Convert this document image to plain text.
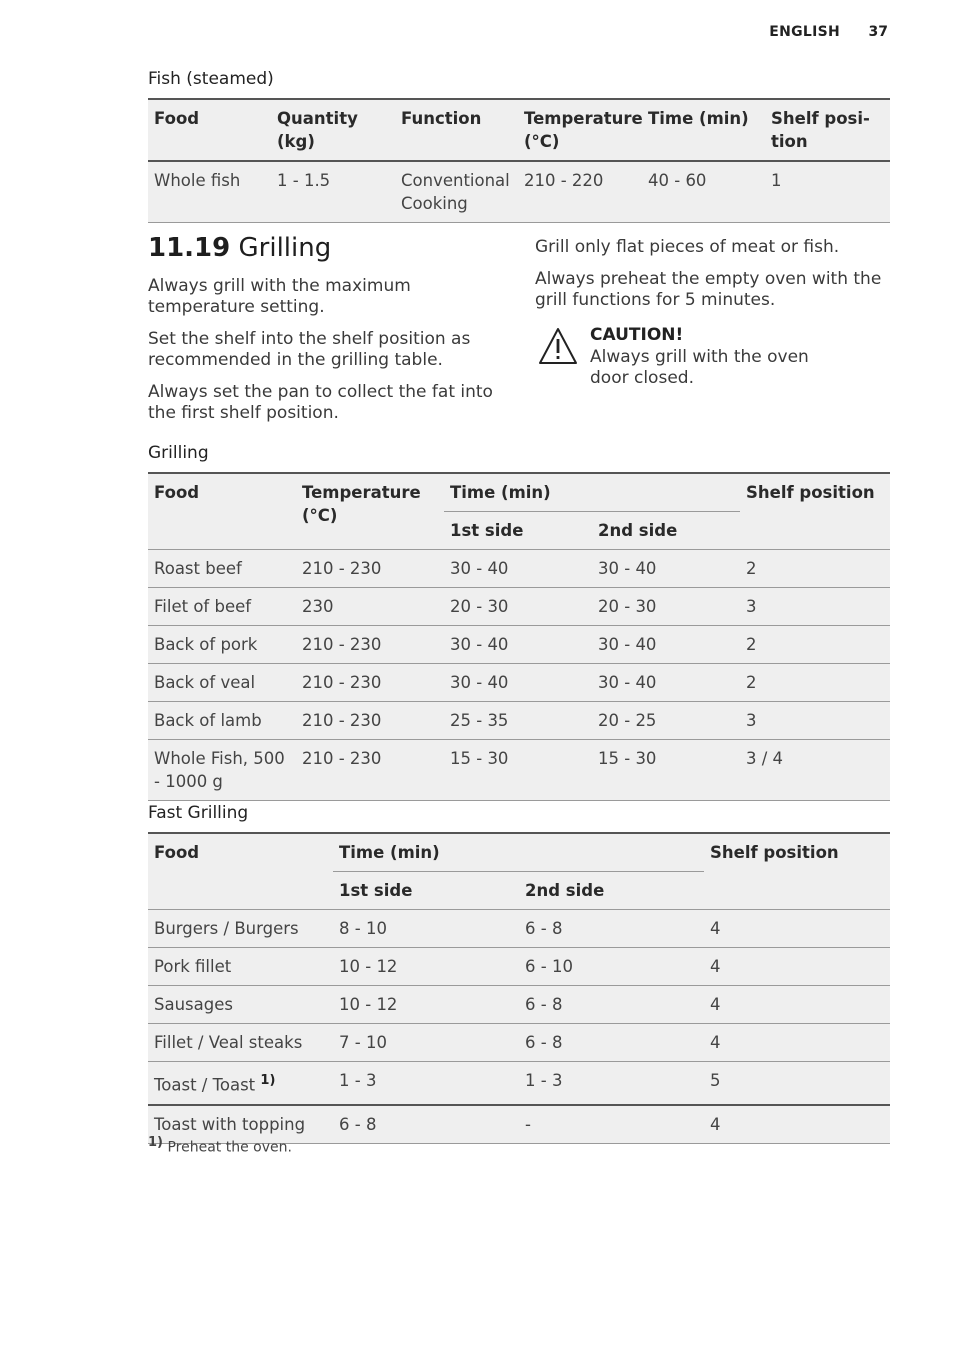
ENGLISH 37
Fish (steamed)
Food	Quantity (kg)	Function	Temperature (°C)	Time (min)	Shelf posi-tion
Whole fish	1 - 1.5	Conventional Cooking	210 - 220	40 - 60	1
11.19 Grilling
Always grill with the maximum temperature setting.
Set the shelf into the shelf position as recommended in the grilling table.
Always set the pan to collect the fat into the first shelf position.
Grill only flat pieces of meat or fish.
Always preheat the empty oven with the grill functions for 5 minutes.
CAUTION!
Always grill with the oven door closed.
Grilling
Food	Temperature (°C)	Time (min)		Shelf position
		1st side	2nd side	
Roast beef	210 - 230	30 - 40	30 - 40	2
Filet of beef	230	20 - 30	20 - 30	3
Back of pork	210 - 230	30 - 40	30 - 40	2
Back of veal	210 - 230	30 - 40	30 - 40	2
Back of lamb	210 - 230	25 - 35	20 - 25	3
Whole Fish, 500 - 1000 g	210 - 230	15 - 30	15 - 30	3 / 4
Fast Grilling
Food	Time (min)		Shelf position
	1st side	2nd side	
Burgers / Burgers	8 - 10	6 - 8	4
Pork fillet	10 - 12	6 - 10	4
Sausages	10 - 12	6 - 8	4
Fillet / Veal steaks	7 - 10	6 - 8	4
Toast / Toast $^{1)}$	1 - 3	1 - 3	5
Toast with topping	6 - 8	-	4
$^{1)}$ Preheat the oven.
